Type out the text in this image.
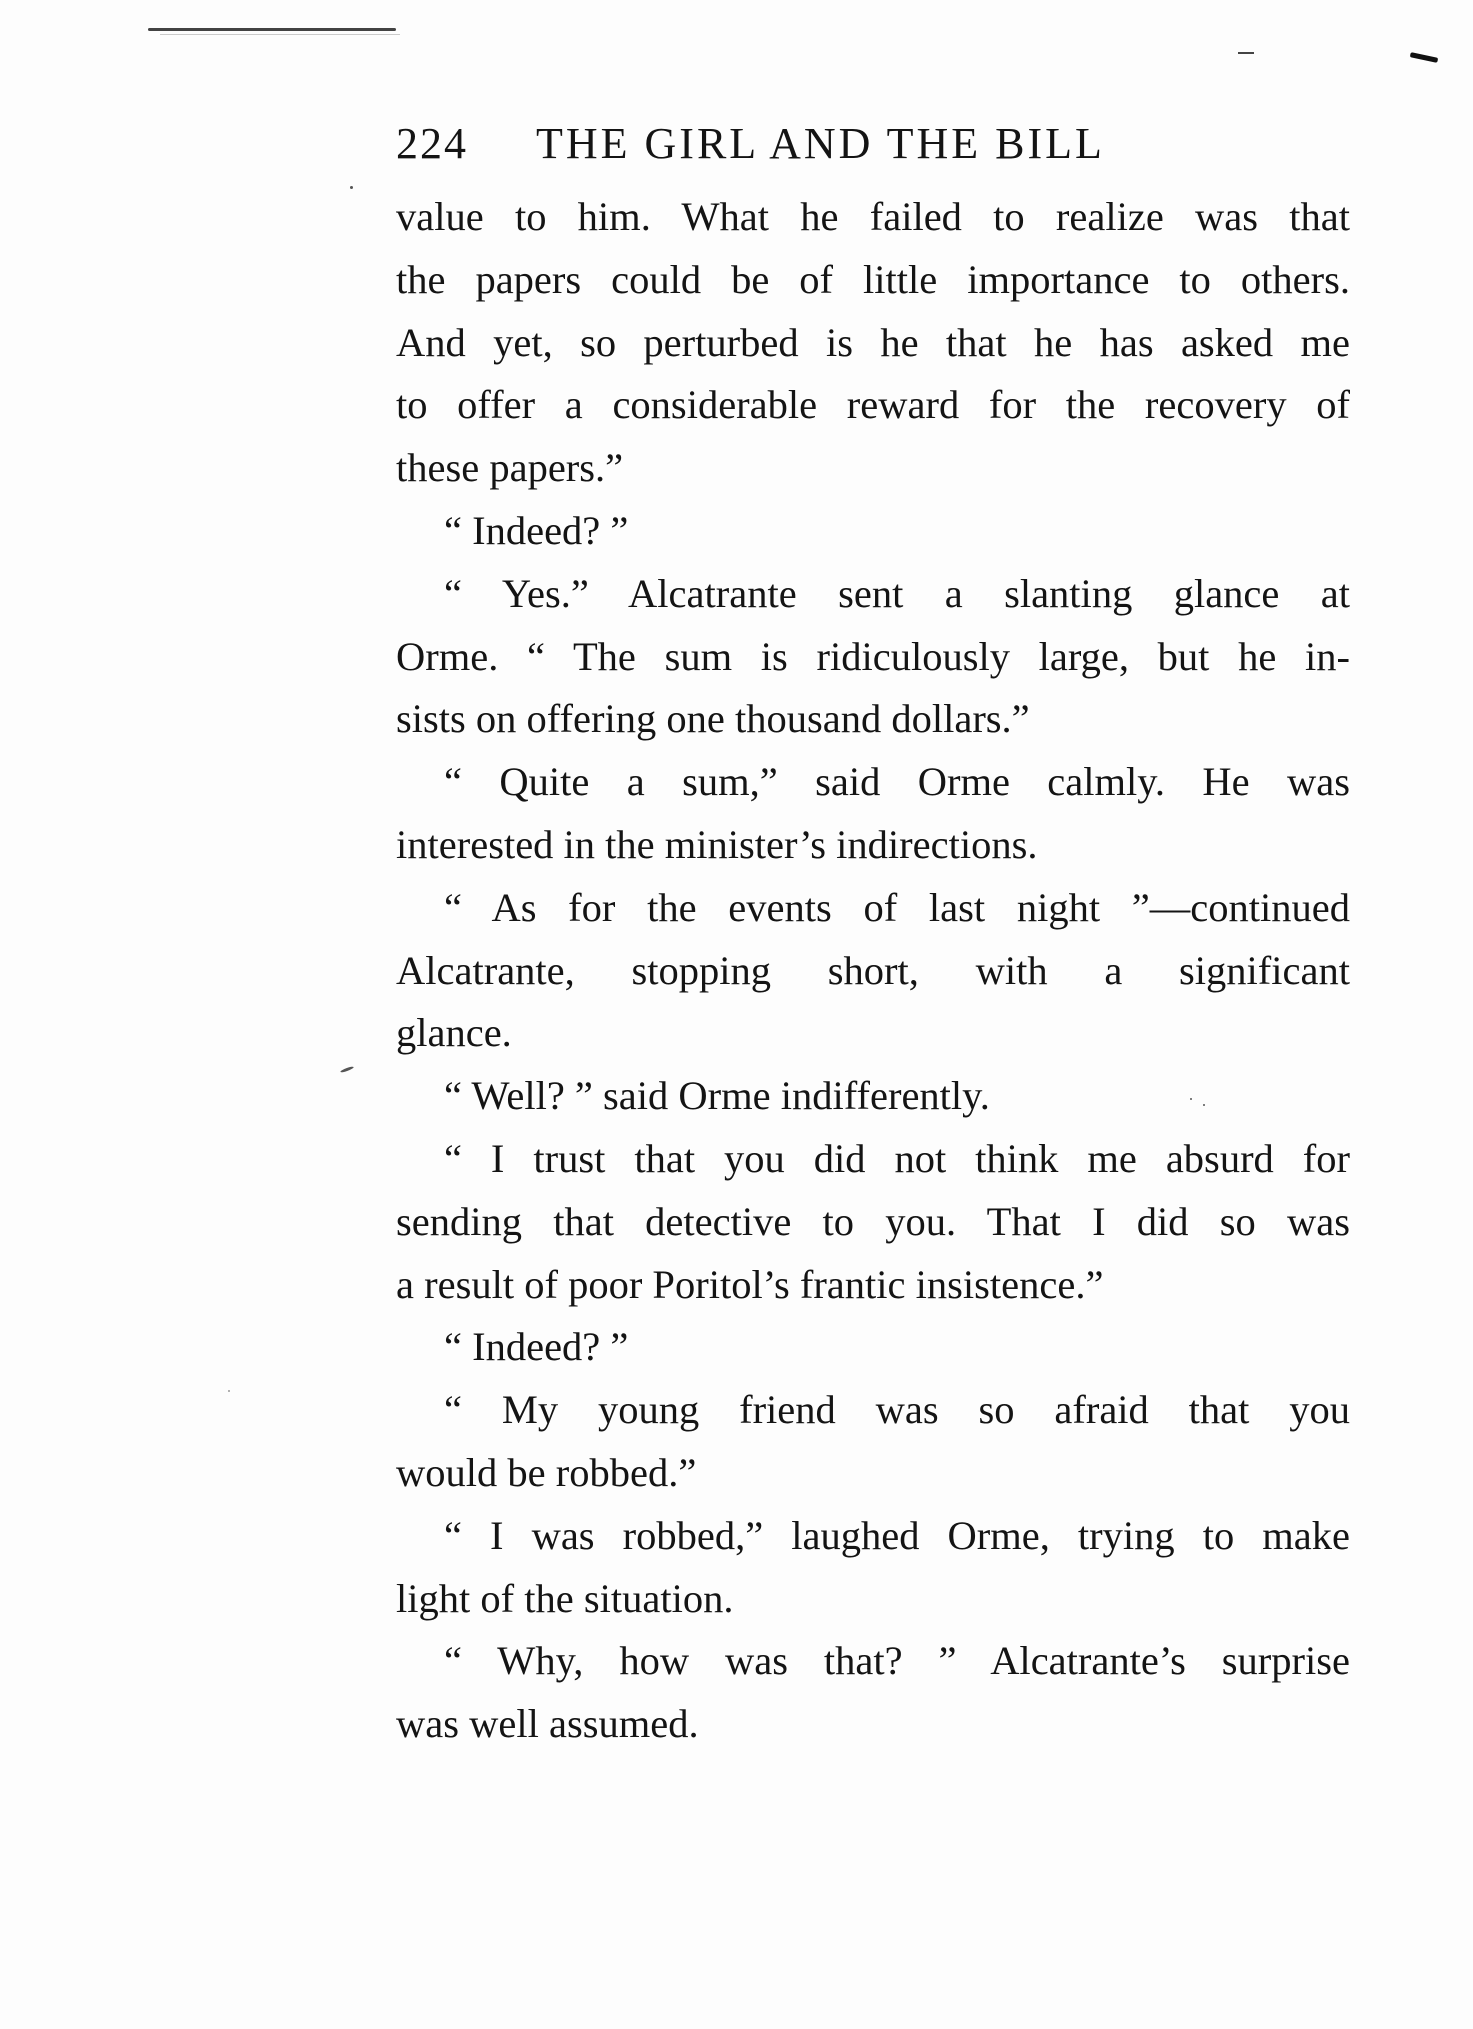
224 THE GIRL AND THE BILL
value to him. What he failed to realize was that
the papers could be of little importance to others.
And yet, so perturbed is he that he has asked me
to offer a considerable reward for the recovery of
these papers.”
“ Indeed? ”
“ Yes.” Alcatrante sent a slanting glance at
Orme. “ The sum is ridiculously large, but he in-
sists on offering one thousand dollars.”
“ Quite a sum,” said Orme calmly. He was
interested in the minister’s indirections.
“ As for the events of last night ”—continued
Alcatrante, stopping short, with a significant
glance.
“ Well? ” said Orme indifferently.
“ I trust that you did not think me absurd for
sending that detective to you. That I did so was
a result of poor Poritol’s frantic insistence.”
“ Indeed? ”
“ My young friend was so afraid that you
would be robbed.”
“ I was robbed,” laughed Orme, trying to make
light of the situation.
“ Why, how was that? ” Alcatrante’s surprise
was well assumed.
